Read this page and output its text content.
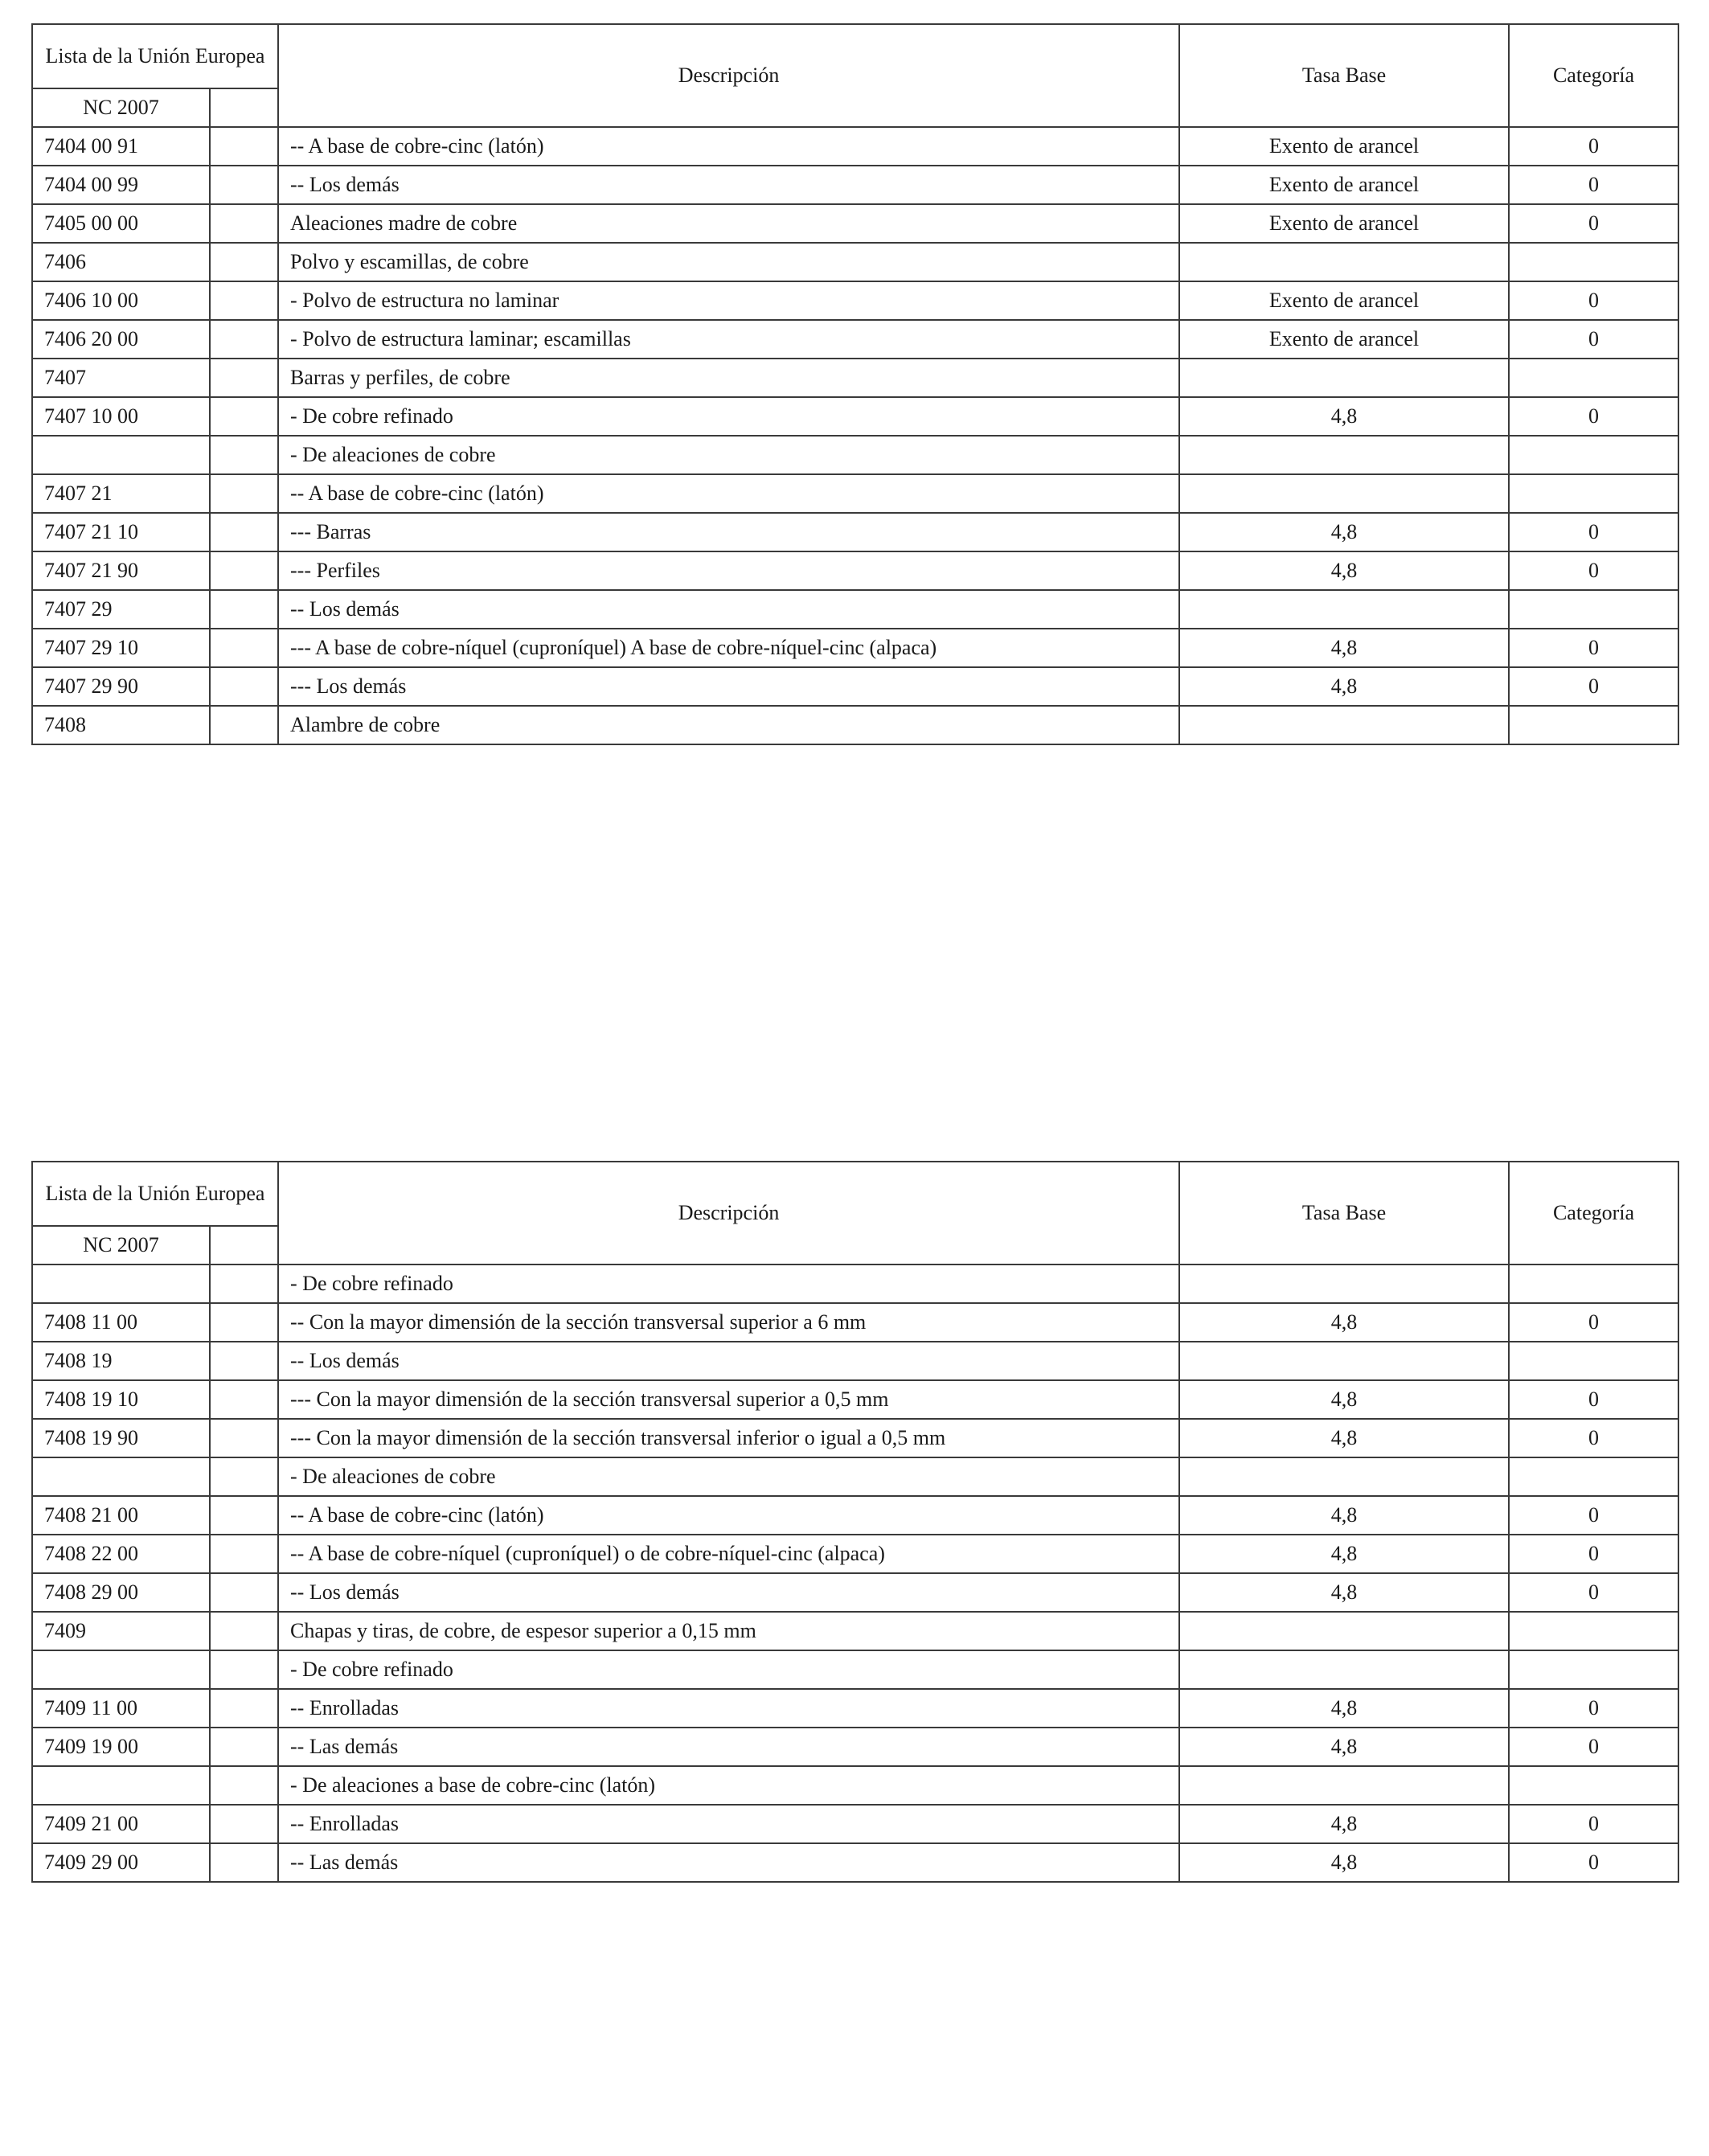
Lista de la Unión Europea		Descripción	Tasa Base	Categoría
NC 2007				
7404 00 91		-- A base de cobre-cinc (latón)	Exento de arancel	0
7404 00 99		-- Los demás	Exento de arancel	0
7405 00 00		Aleaciones madre de cobre	Exento de arancel	0
7406		Polvo y escamillas, de cobre		
7406 10 00		- Polvo de estructura no laminar	Exento de arancel	0
7406 20 00		- Polvo de estructura laminar; escamillas	Exento de arancel	0
7407		Barras y perfiles, de cobre		
7407 10 00		- De cobre refinado	4,8	0
		- De aleaciones de cobre		
7407 21		-- A base de cobre-cinc (latón)		
7407 21 10		--- Barras	4,8	0
7407 21 90		--- Perfiles	4,8	0
7407 29		-- Los demás		
7407 29 10		--- A base de cobre-níquel (cuproníquel) A base de cobre-níquel-cinc (alpaca)	4,8	0
7407 29 90		--- Los demás	4,8	0
7408		Alambre de cobre		
Lista de la Unión Europea		Descripción	Tasa Base	Categoría
NC 2007				
		- De cobre refinado		
7408 11 00		-- Con la mayor dimensión de la sección transversal superior a 6 mm	4,8	0
7408 19		-- Los demás		
7408 19 10		--- Con la mayor dimensión de la sección transversal superior a 0,5 mm	4,8	0
7408 19 90		--- Con la mayor dimensión de la sección transversal inferior o igual a 0,5 mm	4,8	0
		- De aleaciones de cobre		
7408 21 00		-- A base de cobre-cinc (latón)	4,8	0
7408 22 00		-- A base de cobre-níquel (cuproníquel) o de cobre-níquel-cinc (alpaca)	4,8	0
7408 29 00		-- Los demás	4,8	0
7409		Chapas y tiras, de cobre, de espesor superior a 0,15 mm		
		- De cobre refinado		
7409 11 00		-- Enrolladas	4,8	0
7409 19 00		-- Las demás	4,8	0
		- De aleaciones a base de cobre-cinc (latón)		
7409 21 00		-- Enrolladas	4,8	0
7409 29 00		-- Las demás	4,8	0
